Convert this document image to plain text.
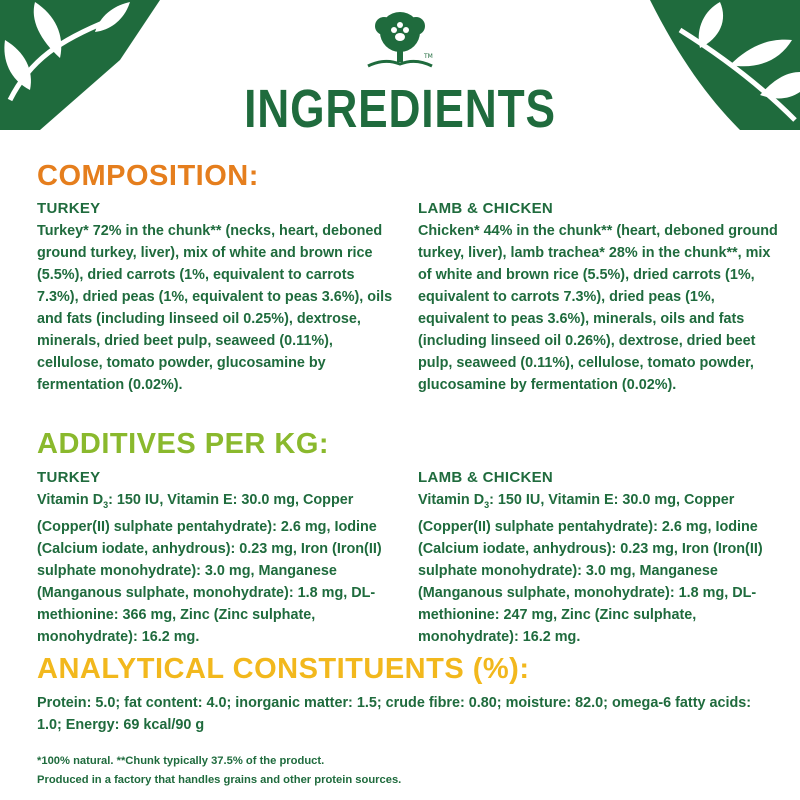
TM
INGREDIENTS
COMPOSITION:
TURKEY

Turkey* 72% in the chunk** (necks, heart, deboned ground turkey, liver), mix of white and brown rice (5.5%), dried carrots (1%, equivalent to carrots 7.3%), dried peas (1%, equivalent to peas 3.6%), oils and fats (including linseed oil 0.25%), dextrose, minerals, dried beet pulp, seaweed (0.11%), cellulose, tomato powder, glucosamine by fermentation (0.02%).

LAMB & CHICKEN

Chicken* 44% in the chunk** (heart, deboned ground turkey, liver), lamb trachea* 28% in the chunk**, mix of white and brown rice (5.5%), dried carrots (1%, equivalent to carrots 7.3%), dried peas (1%, equivalent to peas 3.6%), minerals, oils and fats (including linseed oil 0.26%), dextrose, dried beet pulp, seaweed (0.11%), cellulose, tomato powder, glucosamine by fermentation (0.02%).

ADDITIVES PER KG:
TURKEY

Vitamin $D_3$: 150 IU, Vitamin E: 30.0 mg, Copper (Copper(II) sulphate pentahydrate): 2.6 mg, Iodine (Calcium iodate, anhydrous): 0.23 mg, Iron (Iron(II) sulphate monohydrate): 3.0 mg, Manganese (Manganous sulphate, monohydrate): 1.8 mg, DL-methionine: 366 mg, Zinc (Zinc sulphate, monohydrate): 16.2 mg.

LAMB & CHICKEN

Vitamin $D_3$: 150 IU, Vitamin E: 30.0 mg, Copper (Copper(II) sulphate pentahydrate): 2.6 mg, Iodine (Calcium iodate, anhydrous): 0.23 mg, Iron (Iron(II) sulphate monohydrate): 3.0 mg, Manganese (Manganous sulphate, monohydrate): 1.8 mg, DL-methionine: 247 mg, Zinc (Zinc sulphate, monohydrate): 16.2 mg.

ANALYTICAL CONSTITUENTS (%):

Protein: 5.0; fat content: 4.0; inorganic matter: 1.5; crude fibre: 0.80; moisture: 82.0; omega-6 fatty acids: 1.0; Energy: 69 kcal/90 g

*100% natural. **Chunk typically 37.5% of the product.
Produced in a factory that handles grains and other protein sources.
